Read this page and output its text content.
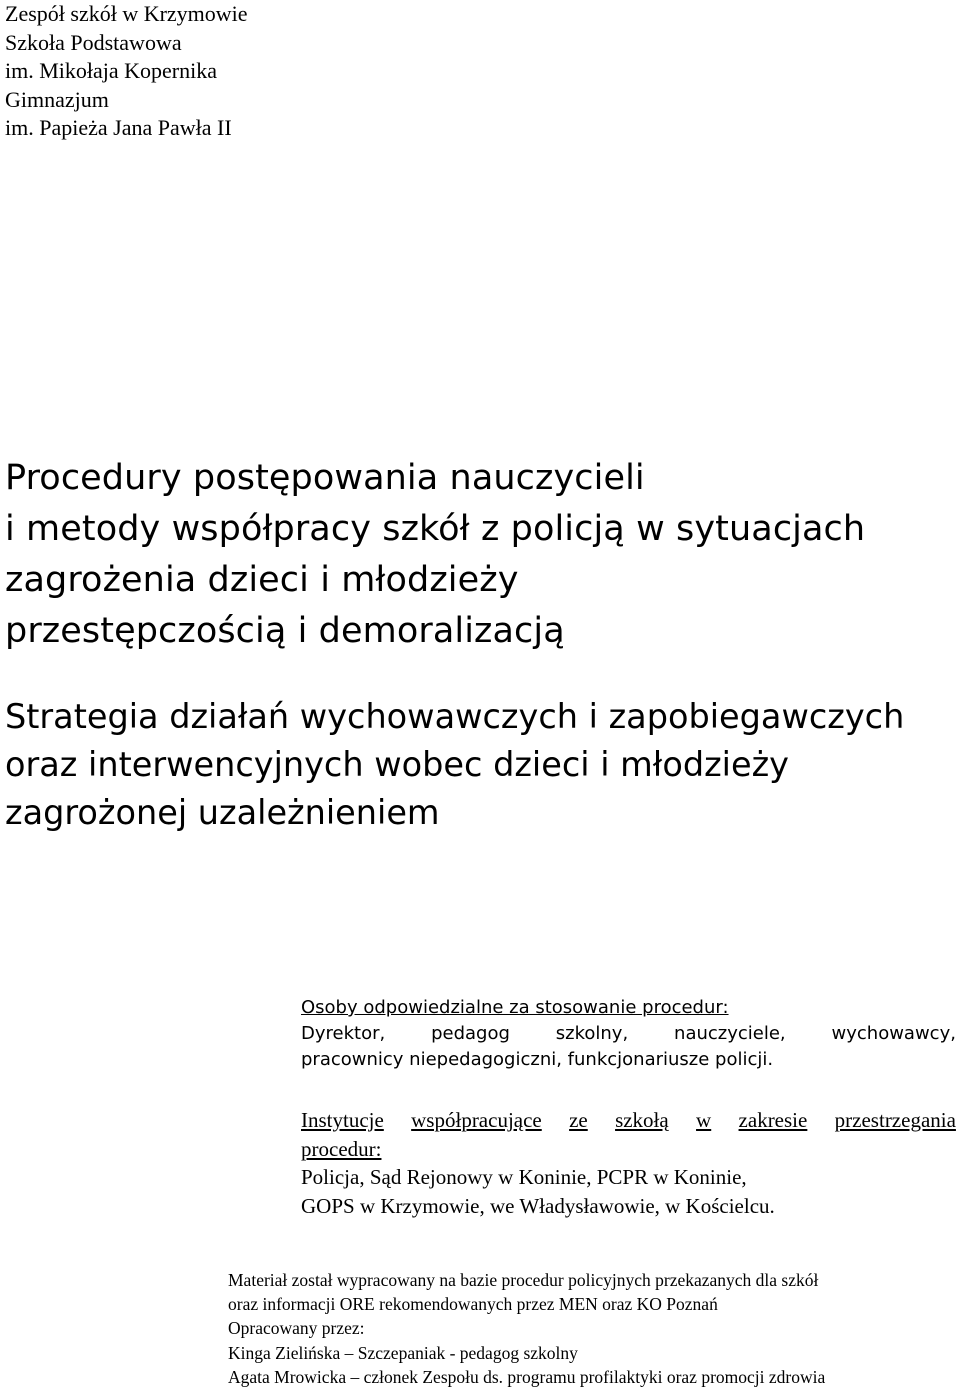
Zespół szkół w Krzymowie
Szkoła Podstawowa
im. Mikołaja Kopernika
Gimnazjum
im. Papieża Jana Pawła II
Procedury postępowania nauczycieli
i metody współpracy szkół z policją w sytuacjach
zagrożenia dzieci i młodzieży
przestępczością i demoralizacją
Strategia działań wychowawczych i zapobiegawczych
oraz interwencyjnych wobec dzieci i młodzieży
zagrożonej uzależnieniem
Osoby odpowiedzialne za stosowanie procedur:
Dyrektor,	pedagog	szkolny,	nauczyciele,	wychowawcy,
pracownicy niepedagogiczni, funkcjonariusze policji.
Instytucje współpracujące ze szkołą w zakresie przestrzegania
procedur:
Policja, Sąd Rejonowy w Koninie, PCPR w Koninie,
GOPS w Krzymowie, we Władysławowie, w Kościelcu.
Materiał został wypracowany na bazie procedur policyjnych przekazanych dla szkół
oraz informacji ORE rekomendowanych przez MEN oraz KO Poznań
Opracowany przez:
Kinga Zielińska – Szczepaniak - pedagog szkolny
Agata Mrowicka – członek Zespołu ds. programu profilaktyki oraz promocji zdrowia
